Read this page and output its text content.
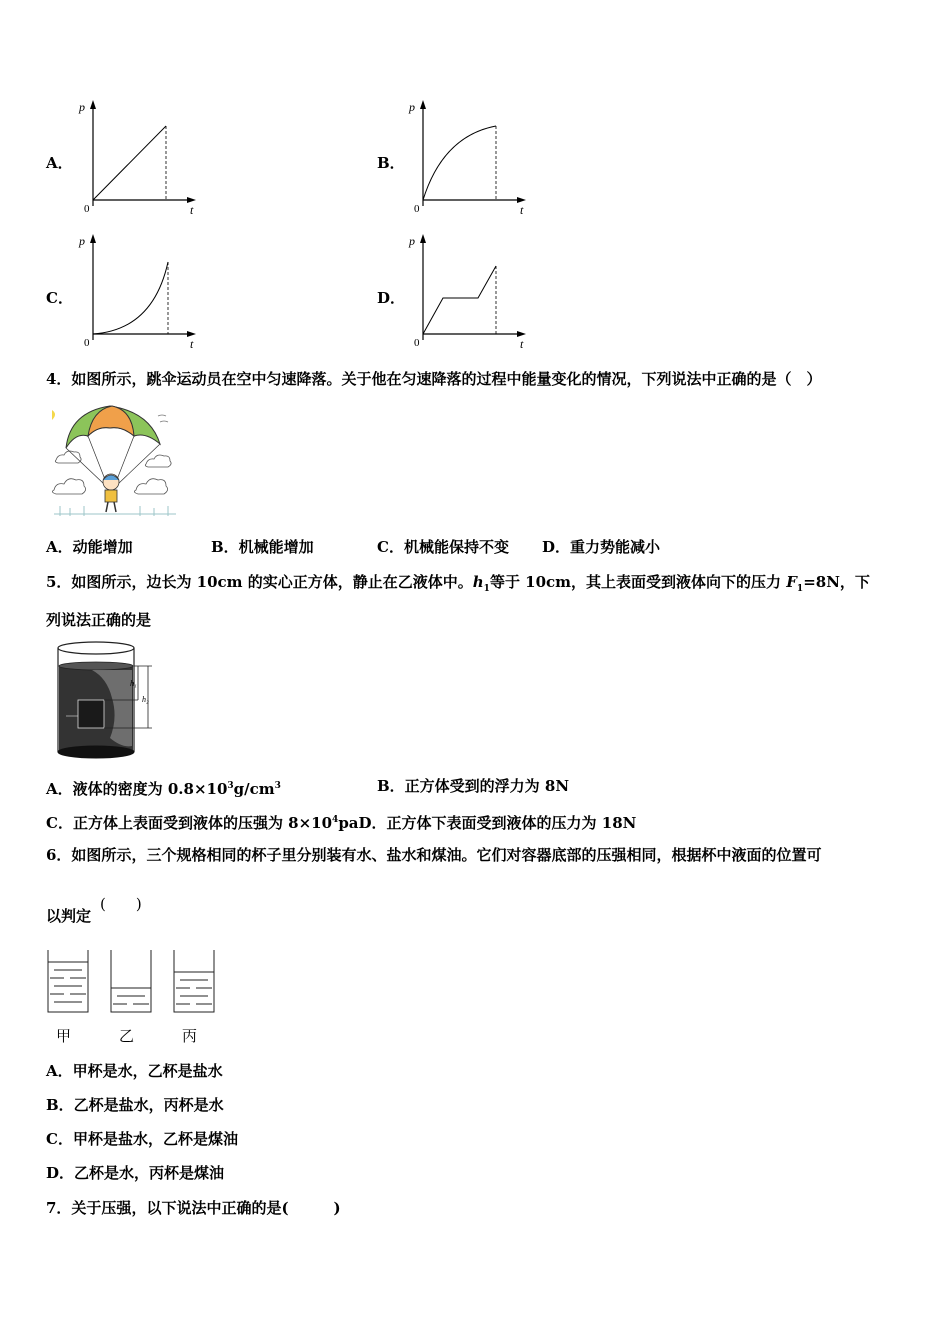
A．
p
t
0
B．
p
t
0
C．
p
t
0
D．
p
t
0
4．如图所示，跳伞运动员在空中匀速降落。关于他在匀速降落的过程中能量变化的情况，下列说法中正确的是（　）
A．动能增加	B．机械能增加	C．机械能保持不变 D．重力势能减小
5．如图所示，边长为 10cm 的实心正方体，静止在乙液体中。$h_1$等于 10cm，其上表面受到液体向下的压力 $F_1=8N$，下
列说法正确的是
h₁
h₂
A．液体的密度为 $0.8\times 10^3g/cm^3$	B．正方体受到的浮力为 8N
C．正方体上表面受到液体的压强为 $8\times 10^4paD$．正方体下表面受到液体的压力为 18N
6．如图所示，三个规格相同的杯子里分别装有水、盐水和煤油。它们对容器底部的压强相同，根据杯中液面的位置可
以判定
(　　)
甲	乙	丙
A．甲杯是水，乙杯是盐水
B．乙杯是盐水，丙杯是水
C．甲杯是盐水，乙杯是煤油
D．乙杯是水，丙杯是煤油
7．关于压强，以下说法中正确的是(　　　)
